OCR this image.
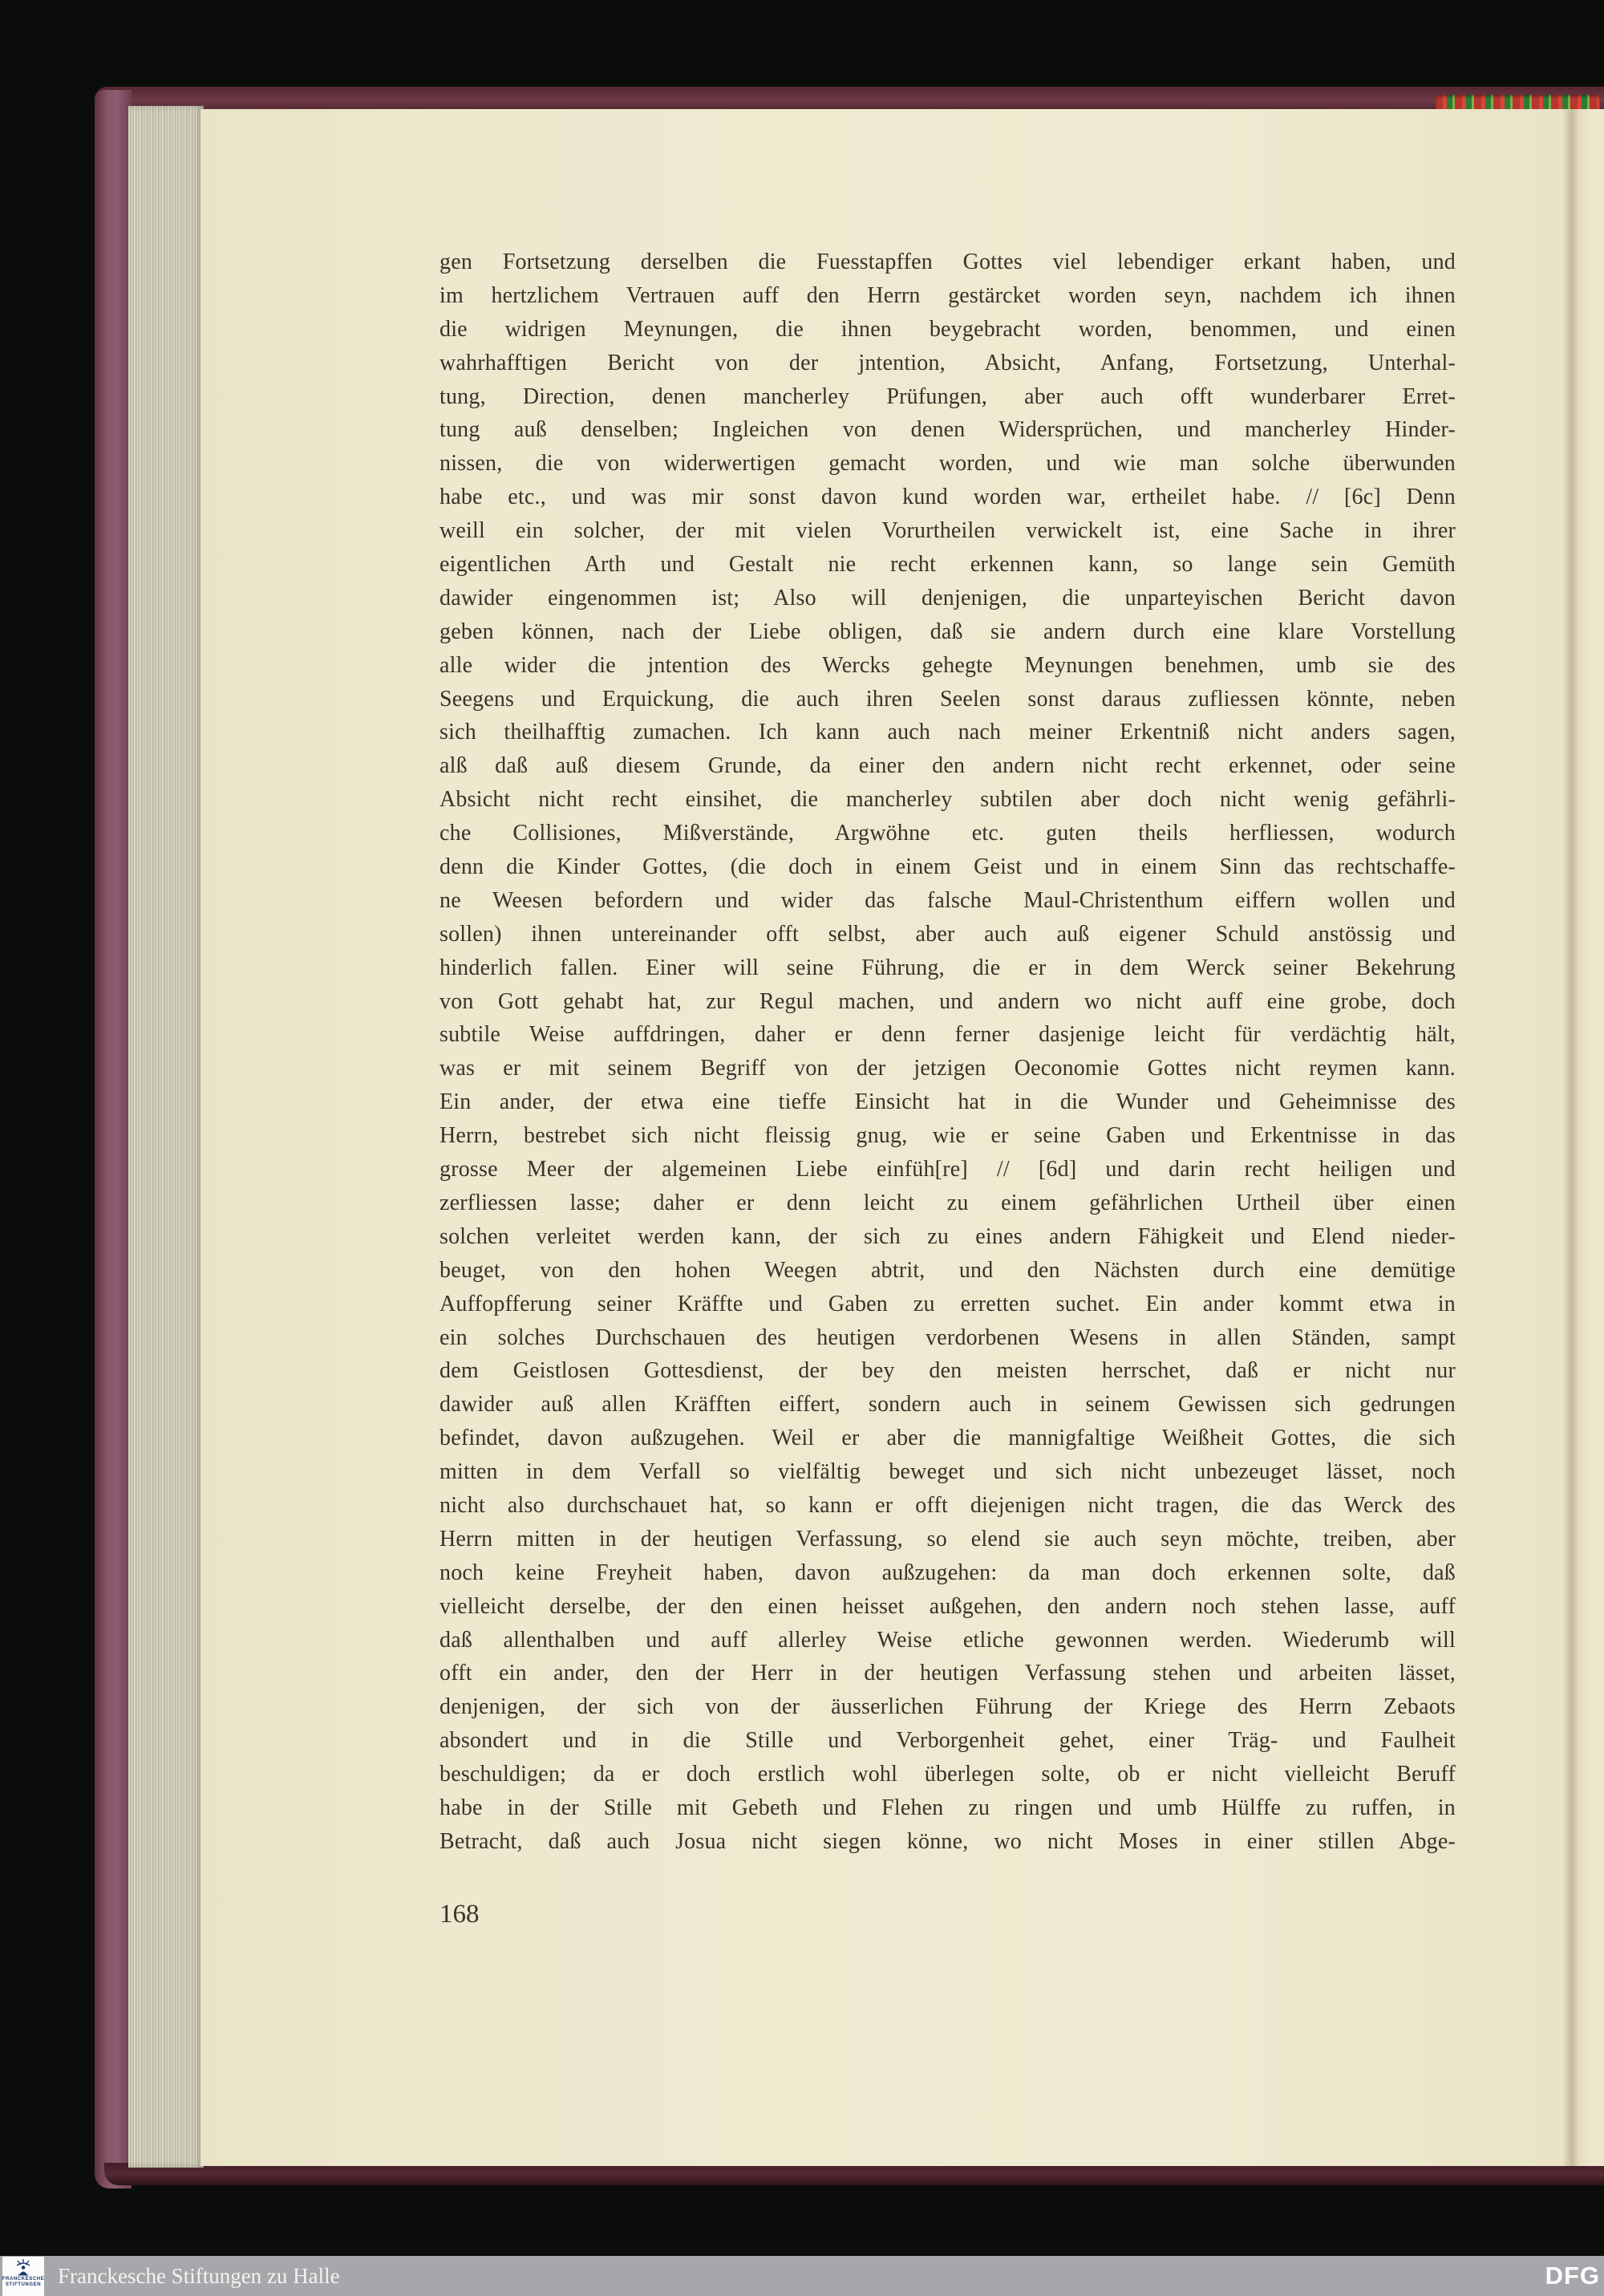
gen Fortsetzung derselben die Fuesstapffen Gottes viel lebendiger erkant haben, und
im hertzlichem Vertrauen auff den Herrn gestärcket worden seyn, nachdem ich ihnen
die widrigen Meynungen, die ihnen beygebracht worden, benommen, und einen
wahrhafftigen Bericht von der jntention, Absicht, Anfang, Fortsetzung, Unterhal-
tung, Direction, denen mancherley Prüfungen, aber auch offt wunderbarer Erret-
tung auß denselben; Ingleichen von denen Widersprüchen, und mancherley Hinder-
nissen, die von widerwertigen gemacht worden, und wie man solche überwunden
habe etc., und was mir sonst davon kund worden war, ertheilet habe. // [6c] Denn
weill ein solcher, der mit vielen Vorurtheilen verwickelt ist, eine Sache in ihrer
eigentlichen Arth und Gestalt nie recht erkennen kann, so lange sein Gemüth
dawider eingenommen ist; Also will denjenigen, die unparteyischen Bericht davon
geben können, nach der Liebe obligen, daß sie andern durch eine klare Vorstellung
alle wider die jntention des Wercks gehegte Meynungen benehmen, umb sie des
Seegens und Erquickung, die auch ihren Seelen sonst daraus zufliessen könnte, neben
sich theilhafftig zumachen. Ich kann auch nach meiner Erkentniß nicht anders sagen,
alß daß auß diesem Grunde, da einer den andern nicht recht erkennet, oder seine
Absicht nicht recht einsihet, die mancherley subtilen aber doch nicht wenig gefährli-
che Collisiones, Mißverstände, Argwöhne etc. guten theils herfliessen, wodurch
denn die Kinder Gottes, (die doch in einem Geist und in einem Sinn das rechtschaffe-
ne Weesen befordern und wider das falsche Maul-Christenthum eiffern wollen und
sollen) ihnen untereinander offt selbst, aber auch auß eigener Schuld anstössig und
hinderlich fallen. Einer will seine Führung, die er in dem Werck seiner Bekehrung
von Gott gehabt hat, zur Regul machen, und andern wo nicht auff eine grobe, doch
subtile Weise auffdringen, daher er denn ferner dasjenige leicht für verdächtig hält,
was er mit seinem Begriff von der jetzigen Oeconomie Gottes nicht reymen kann.
Ein ander, der etwa eine tieffe Einsicht hat in die Wunder und Geheimnisse des
Herrn, bestrebet sich nicht fleissig gnug, wie er seine Gaben und Erkentnisse in das
grosse Meer der algemeinen Liebe einfüh[re] // [6d] und darin recht heiligen und
zerfliessen lasse; daher er denn leicht zu einem gefährlichen Urtheil über einen
solchen verleitet werden kann, der sich zu eines andern Fähigkeit und Elend nieder-
beuget, von den hohen Weegen abtrit, und den Nächsten durch eine demütige
Auffopfferung seiner Kräffte und Gaben zu erretten suchet. Ein ander kommt etwa in
ein solches Durchschauen des heutigen verdorbenen Wesens in allen Ständen, sampt
dem Geistlosen Gottesdienst, der bey den meisten herrschet, daß er nicht nur
dawider auß allen Kräfften eiffert, sondern auch in seinem Gewissen sich gedrungen
befindet, davon außzugehen. Weil er aber die mannigfaltige Weißheit Gottes, die sich
mitten in dem Verfall so vielfältig beweget und sich nicht unbezeuget lässet, noch
nicht also durchschauet hat, so kann er offt diejenigen nicht tragen, die das Werck des
Herrn mitten in der heutigen Verfassung, so elend sie auch seyn möchte, treiben, aber
noch keine Freyheit haben, davon außzugehen: da man doch erkennen solte, daß
vielleicht derselbe, der den einen heisset außgehen, den andern noch stehen lasse, auff
daß allenthalben und auff allerley Weise etliche gewonnen werden. Wiederumb will
offt ein ander, den der Herr in der heutigen Verfassung stehen und arbeiten lässet,
denjenigen, der sich von der äusserlichen Führung der Kriege des Herrn Zebaots
absondert und in die Stille und Verborgenheit gehet, einer Träg- und Faulheit
beschuldigen; da er doch erstlich wohl überlegen solte, ob er nicht vielleicht Beruff
habe in der Stille mit Gebeth und Flehen zu ringen und umb Hülffe zu ruffen, in
Betracht, daß auch Josua nicht siegen könne, wo nicht Moses in einer stillen Abge-
168
FRANCKESCHE
STIFTUNGEN Franckesche Stiftungen zu Halle	DFG
